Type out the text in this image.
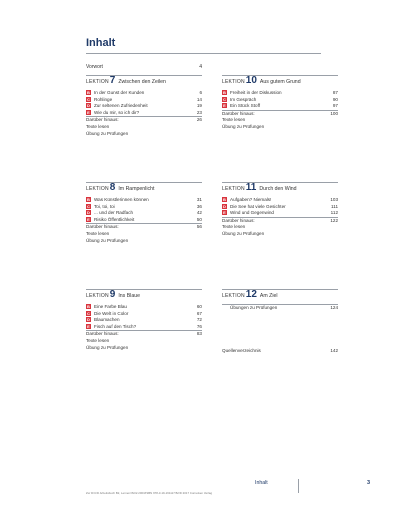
Inhalt
Vorwort	4
LEKTION7 Zwischen den Zeilen
B In der Gunst der Kunden	6
C Rohlinge	14
D Zur seltenen Zufriedenheit	19
E Wie du mir, so ich dir?	23
Darüber hinaus:	26
Texte lesen
Übung zu Prüfungen
LEKTION10 Aus gutem Grund
B Freiheit in der Diskussion	87
C Im Gespräch	90
E Ein Stück Stoff	97
Darüber hinaus:	100
Texte lesen
Übung zu Prüfungen
LEKTION8 Im Rampenlicht
B Was Künstlerinnen können	31
C Toi, toi, toi	36
D ... und der Radfach	42
E Risiko Öffentlichkeit	50
Darüber hinaus:	56
Texte lesen
Übung zu Prüfungen
LEKTION11 Durch den Wind
B Aufgaben? Niemals!	103
D Die See hat viele Gesichter	111
E Wind und Gegenwind	112
Darüber hinaus:	122
Texte lesen
Übung zu Prüfungen
LEKTION9 Ins Blaue
B Eine Farbe Blau	60
C Die Welt in Color	67
D Blaumachen	72
E Fisch auf den Tisch?	76
Darüber hinaus:	83
Texte lesen
Übung zu Prüfungen
LEKTION12 Am Ziel
Übungen zu Prüfungen	124
Quellenverzeichnis	142
Inhalt	3
Zur D/C/D Arbeitsbuch B2, Lernen/ISO2.2003/ISBN 978-3-19-161117/52/D 2017 Cornelsen Verlag
